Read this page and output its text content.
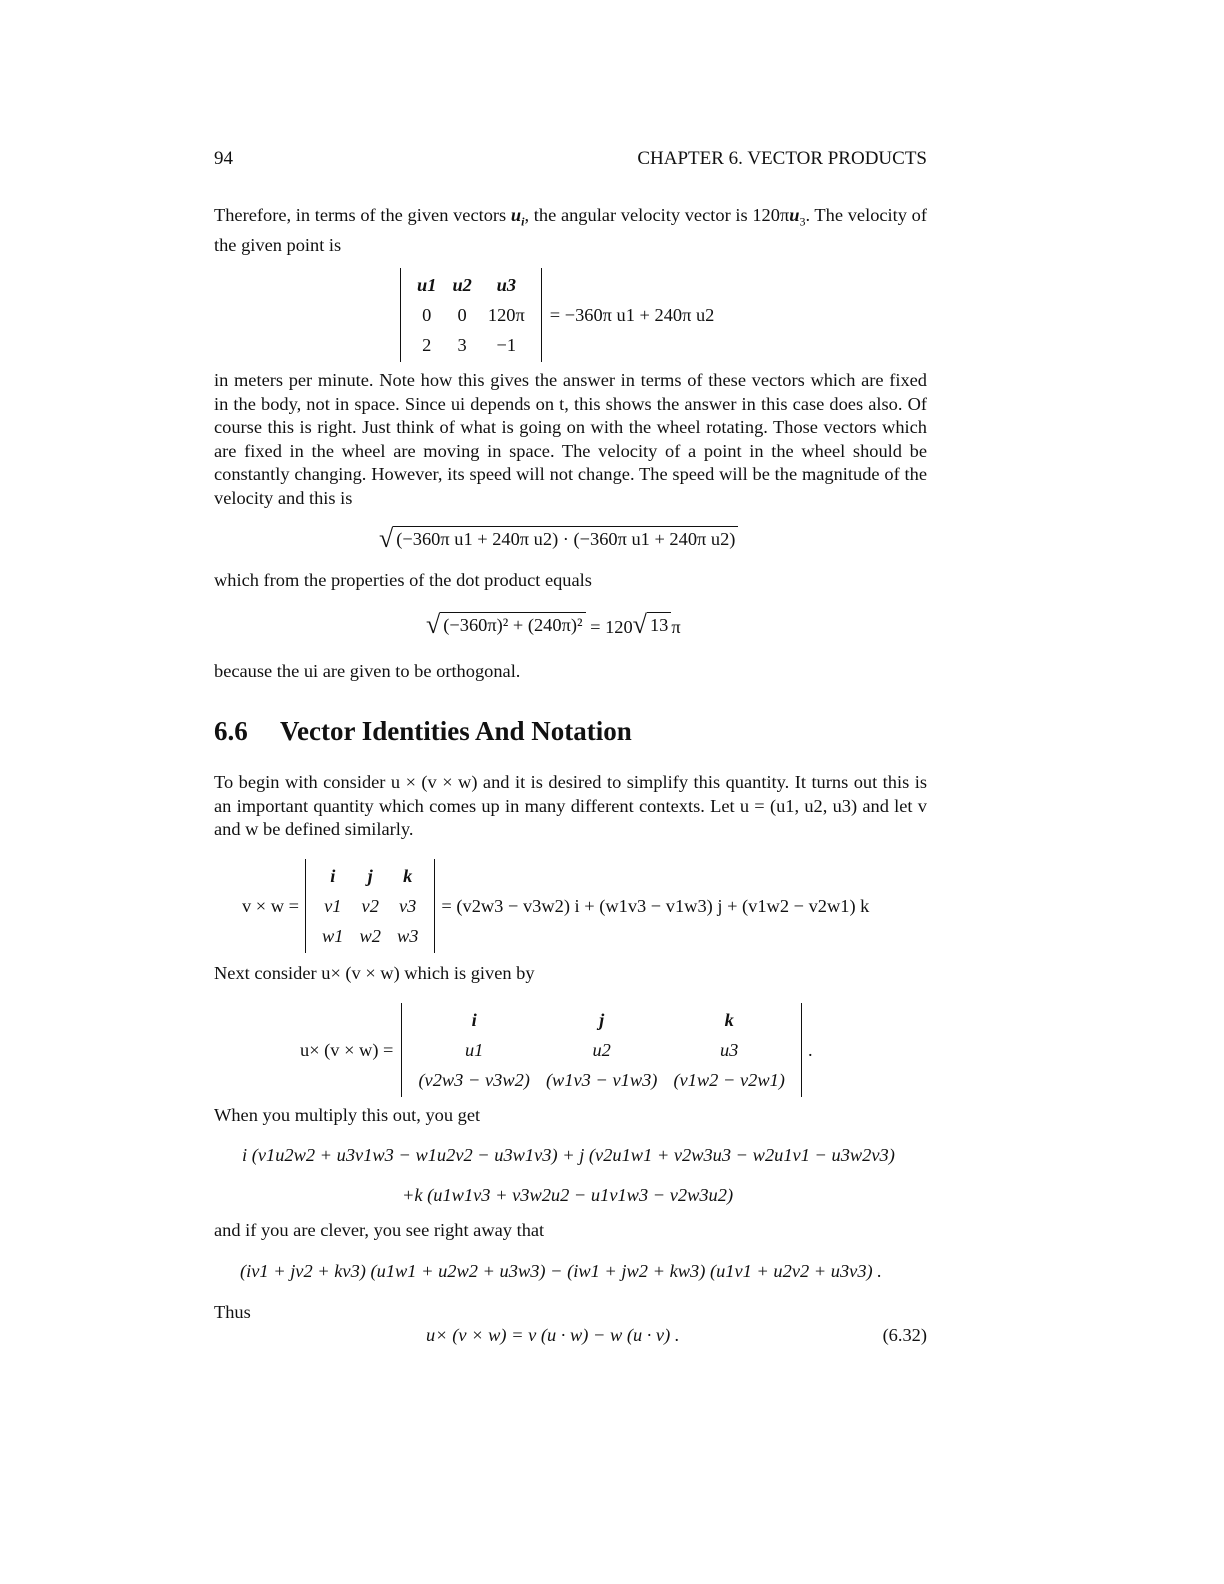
94	CHAPTER 6. VECTOR PRODUCTS

Therefore, in terms of the given vectors $u_i$, the angular velocity vector is $120\pi u_3$. The velocity of the given point is

u1	u2	u3
0	0	120π
2	3	−1
= −360π u1 + 240π u2

in meters per minute. Note how this gives the answer in terms of these vectors which are fixed in the body, not in space. Since ui depends on t, this shows the answer in this case does also. Of course this is right. Just think of what is going on with the wheel rotating. Those vectors which are fixed in the wheel are moving in space. The velocity of a point in the wheel should be constantly changing. However, its speed will not change. The speed will be the magnitude of the velocity and this is

√ (−360π u1 + 240π u2) · (−360π u1 + 240π u2)

which from the properties of the dot product equals

√ (−360π)² + (240π)² = 120 √ 13 π

because the ui are given to be orthogonal.

6.6 Vector Identities And Notation

To begin with consider u × (v × w) and it is desired to simplify this quantity. It turns out this is an important quantity which comes up in many different contexts. Let u = (u1, u2, u3) and let v and w be defined similarly.

v × w =
i	j	k
v1	v2	v3
w1	w2	w3
= (v2w3 − v3w2) i + (w1v3 − v1w3) j + (v1w2 − v2w1) k

Next consider u× (v × w) which is given by

u× (v × w) =
i	j	k
u1	u2	u3
(v2w3 − v3w2)	(w1v3 − v1w3)	(v1w2 − v2w1)
.

When you multiply this out, you get

i (v1u2w2 + u3v1w3 − w1u2v2 − u3w1v3) + j (v2u1w1 + v2w3u3 − w2u1v1 − u3w2v3)
+k (u1w1v3 + v3w2u2 − u1v1w3 − v2w3u2)

and if you are clever, you see right away that

(iv1 + jv2 + kv3) (u1w1 + u2w2 + u3w3) − (iw1 + jw2 + kw3) (u1v1 + u2v2 + u3v3) .

Thus

u× (v × w) = v (u · w) − w (u · v) .	(6.32)
